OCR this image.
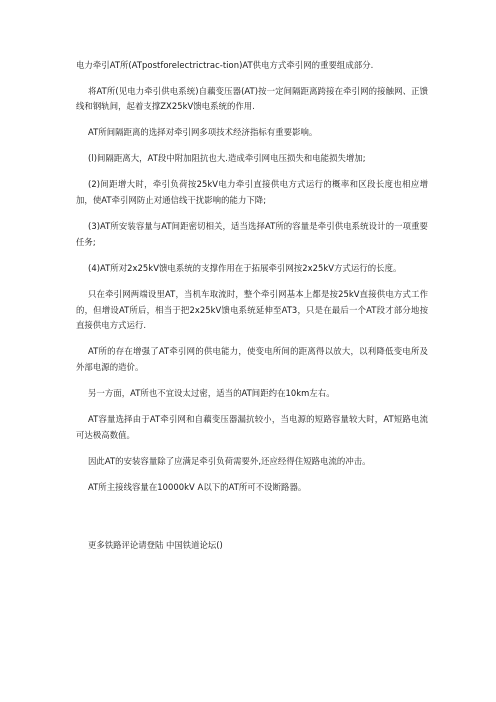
电力牵引AT所(ATpostforelectrictrac-tion)AT供电方式牵引网的重要组成部分.

将AT所(见电力牵引供电系统)自藕变压器(AT)按一定间隔距离跨接在牵引网的接触网、正馈线和钢轨间，起着支撑ZX25kV馈电系统的作用.

AT所间隔距离的选择对牵引网多项技术经济指标有重要影响。

(l)间隔距离大，AT段中附加阻抗也大.造成牵引网电压损失和电能损失增加;

(2)间距增大时，牵引负荷按25kV电力牵引直接供电方式运行的概率和区段长度也相应增加，使AT牵引网防止对通信线干扰影响的能力下降;

(3)AT所安装容量与AT间距密切相关，适当选择AT所的容量是牵引供电系统设计的一项重要任务;

(4)AT所对2x25kV馈电系统的支撑作用在于拓展牵引网按2x25kV方式运行的长度。

只在牵引网两端设里AT，当机车取流时，整个牵引网基本上都是按25kV直接供电方式工作的，但增设AT所后，相当于把2x25kV馈电系统延伸至AT3，只是在最后一个AT段才部分地按直接供电方式运行.

AT所的存在增强了AT牵引网的供电能力，使变电所间的距离得以放大，以利降低变电所及外部电源的造价。

另一方面，AT所也不宜设太过密，适当的AT间距约在10km左右。

AT容量选择由于AT牵引网和自藕变压器漏抗较小，当电源的短路容量较大时，AT短路电流可达极高数值。

因此AT的安装容量除了应满足牵引负荷需要外,还应经得住短路电流的冲击。

AT所主接线容量在10000kV A以下的AT所可不设断路器。

更多铁路评论请登陆 中国铁道论坛()
